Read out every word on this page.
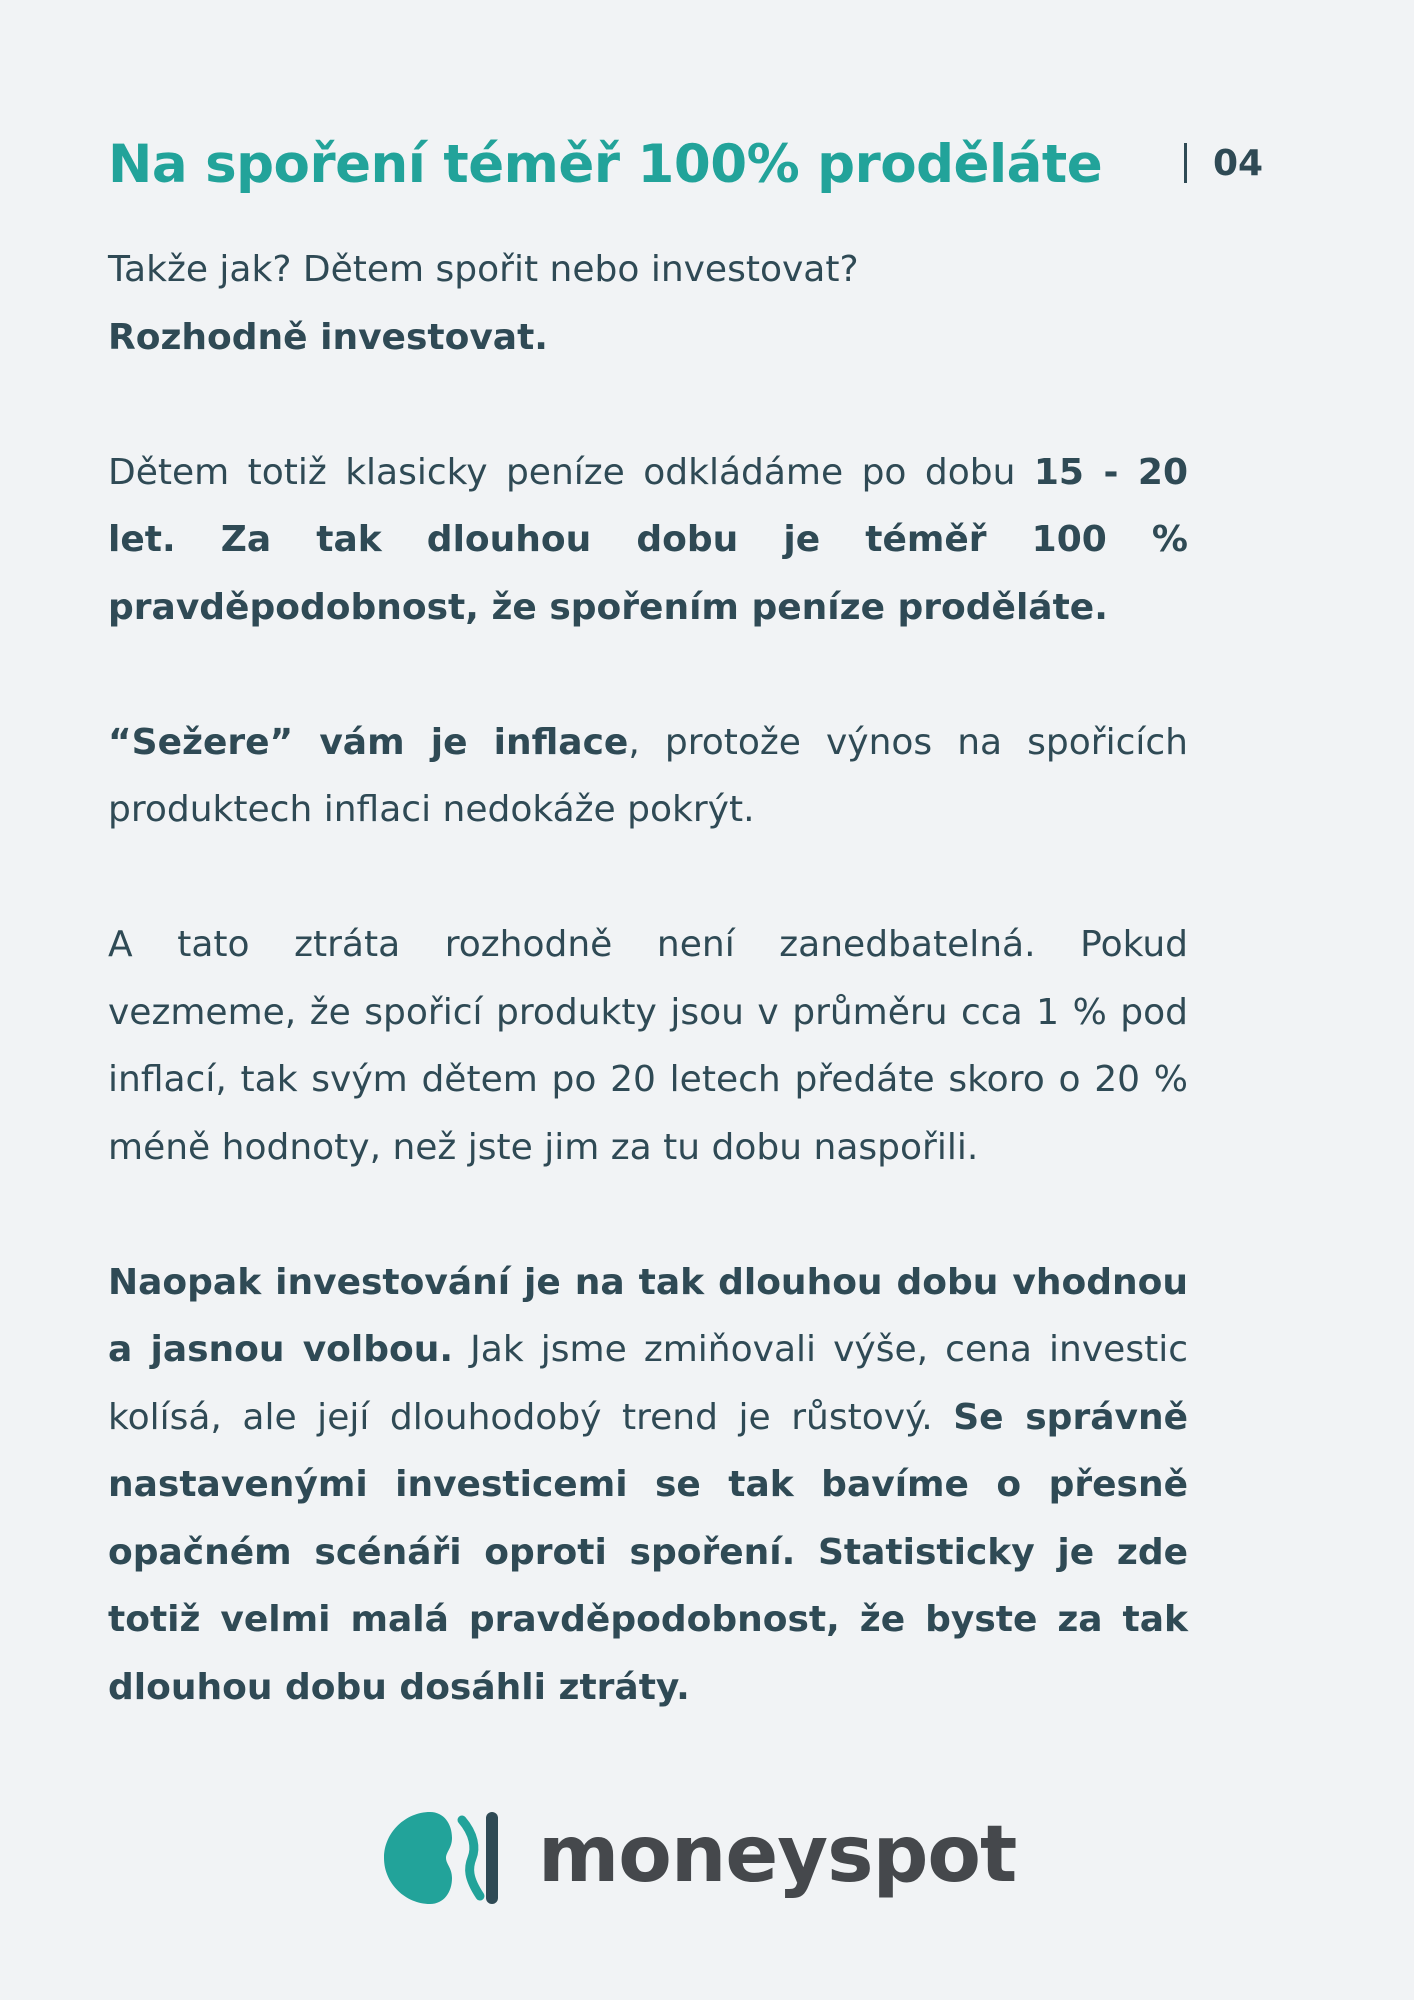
Na spoření téměř 100% proděláte	04

Takže jak? Dětem spořit nebo investovat?
Rozhodně investovat.

Dětem totiž klasicky peníze odkládáme po dobu 15 - 20 let. Za tak dlouhou dobu je téměř 100 % pravděpodobnost, že spořením peníze proděláte.

“Sežere” vám je inflace, protože výnos na spořicích produktech inflaci nedokáže pokrýt.

A tato ztráta rozhodně není zanedbatelná. Pokud vezmeme, že spořicí produkty jsou v průměru cca 1 % pod inflací, tak svým dětem po 20 letech předáte skoro o 20 % méně hodnoty, než jste jim za tu dobu naspořili.

Naopak investování je na tak dlouhou dobu vhodnou a jasnou volbou. Jak jsme zmiňovali výše, cena investic kolísá, ale její dlouhodobý trend je růstový. Se správně nastavenými investicemi se tak bavíme o přesně opačném scénáři oproti spoření. Statisticky je zde totiž velmi malá pravděpodobnost, že byste za tak dlouhou dobu dosáhli ztráty.

moneyspot
